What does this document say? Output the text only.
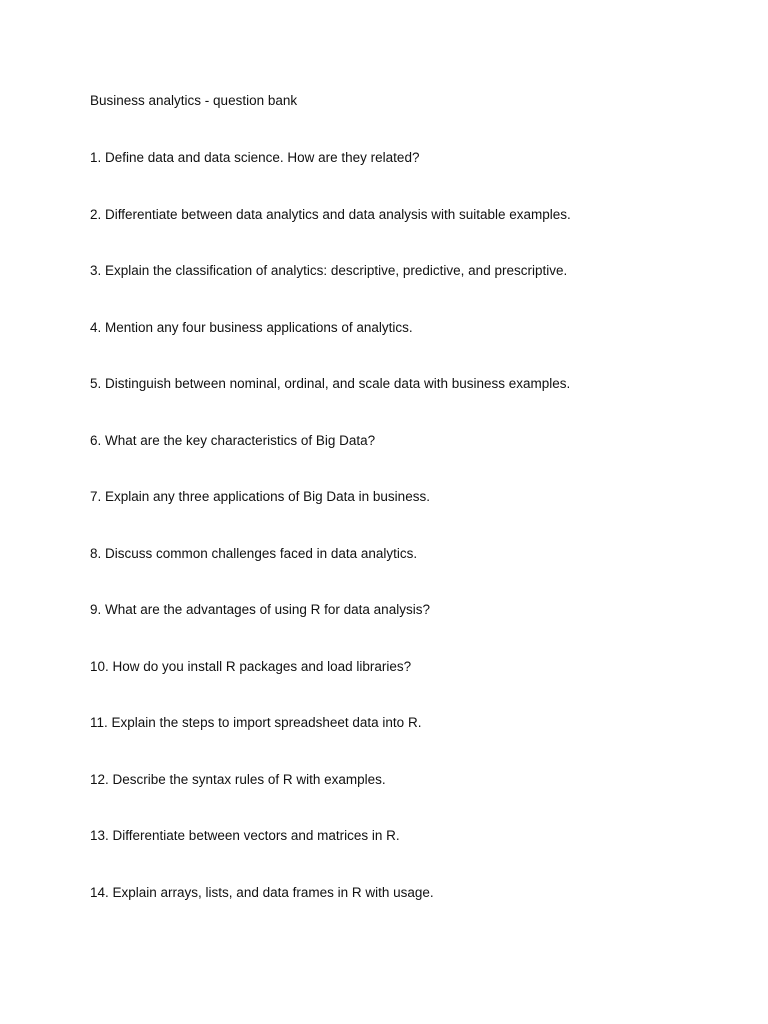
Business analytics - question bank
1. Define data and data science. How are they related?
2. Differentiate between data analytics and data analysis with suitable examples.
3. Explain the classification of analytics: descriptive, predictive, and prescriptive.
4. Mention any four business applications of analytics.
5. Distinguish between nominal, ordinal, and scale data with business examples.
6. What are the key characteristics of Big Data?
7. Explain any three applications of Big Data in business.
8. Discuss common challenges faced in data analytics.
9. What are the advantages of using R for data analysis?
10. How do you install R packages and load libraries?
11. Explain the steps to import spreadsheet data into R.
12. Describe the syntax rules of R with examples.
13. Differentiate between vectors and matrices in R.
14. Explain arrays, lists, and data frames in R with usage.
